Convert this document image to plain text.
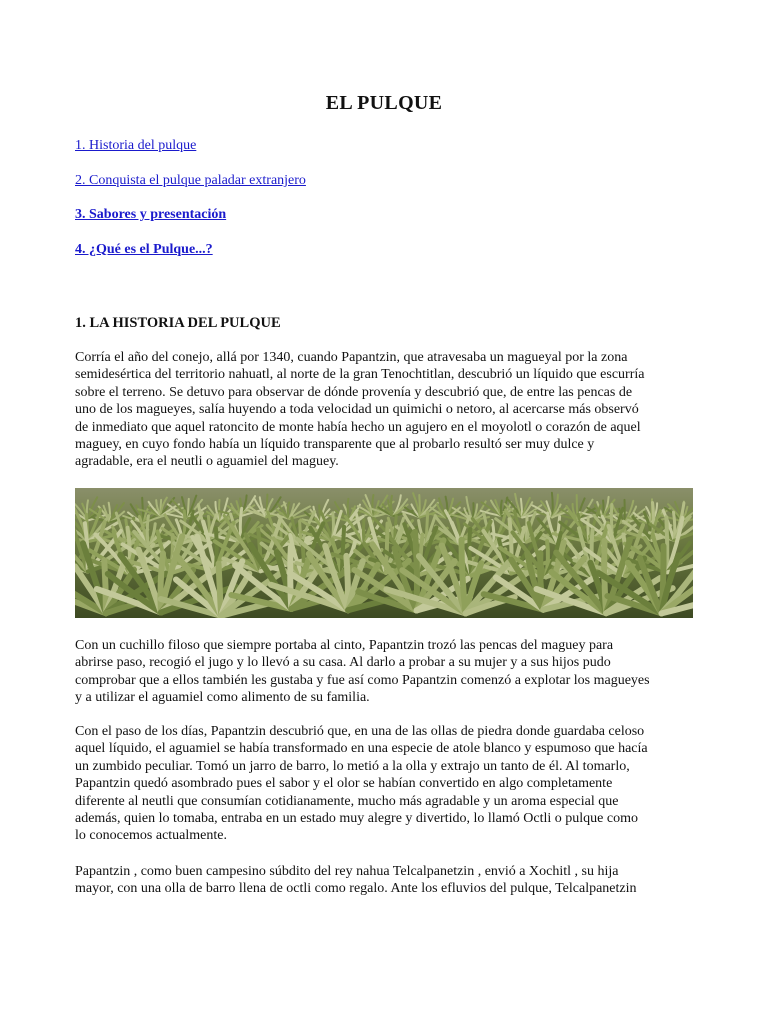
EL PULQUE
1. Historia del pulque
2. Conquista el pulque paladar extranjero
3. Sabores y presentación
4. ¿Qué es el Pulque...?
1. LA HISTORIA DEL PULQUE
Corría el año del conejo, allá por 1340, cuando Papantzin, que atravesaba un magueyal por la zona
semidesértica del territorio nahuatl, al norte de la gran Tenochtitlan, descubrió un líquido que escurría
sobre el terreno. Se detuvo para observar de dónde provenía y descubrió que, de entre las pencas de
uno de los magueyes, salía huyendo a toda velocidad un quimichi o netoro, al acercarse más observó
de inmediato que aquel ratoncito de monte había hecho un agujero en el moyolotl o corazón de aquel
maguey, en cuyo fondo había un líquido transparente que al probarlo resultó ser muy dulce y
agradable, era el neutli o aguamiel del maguey.
Con un cuchillo filoso que siempre portaba al cinto, Papantzin trozó las pencas del maguey para
abrirse paso, recogió el jugo y lo llevó a su casa. Al darlo a probar a su mujer y a sus hijos pudo
comprobar que a ellos también les gustaba y fue así como Papantzin comenzó a explotar los magueyes
y a utilizar el aguamiel como alimento de su familia.
Con el paso de los días, Papantzin descubrió que, en una de las ollas de piedra donde guardaba celoso
aquel líquido, el aguamiel se había transformado en una especie de atole blanco y espumoso que hacía
un zumbido peculiar. Tomó un jarro de barro, lo metió a la olla y extrajo un tanto de él. Al tomarlo,
Papantzin quedó asombrado pues el sabor y el olor se habían convertido en algo completamente
diferente al neutli que consumían cotidianamente, mucho más agradable y un aroma especial que
además, quien lo tomaba, entraba en un estado muy alegre y divertido, lo llamó Octli o pulque como
lo conocemos actualmente.
Papantzin , como buen campesino súbdito del rey nahua Telcalpanetzin , envió a Xochitl , su hija
mayor, con una olla de barro llena de octli como regalo. Ante los efluvios del pulque, Telcalpanetzin
